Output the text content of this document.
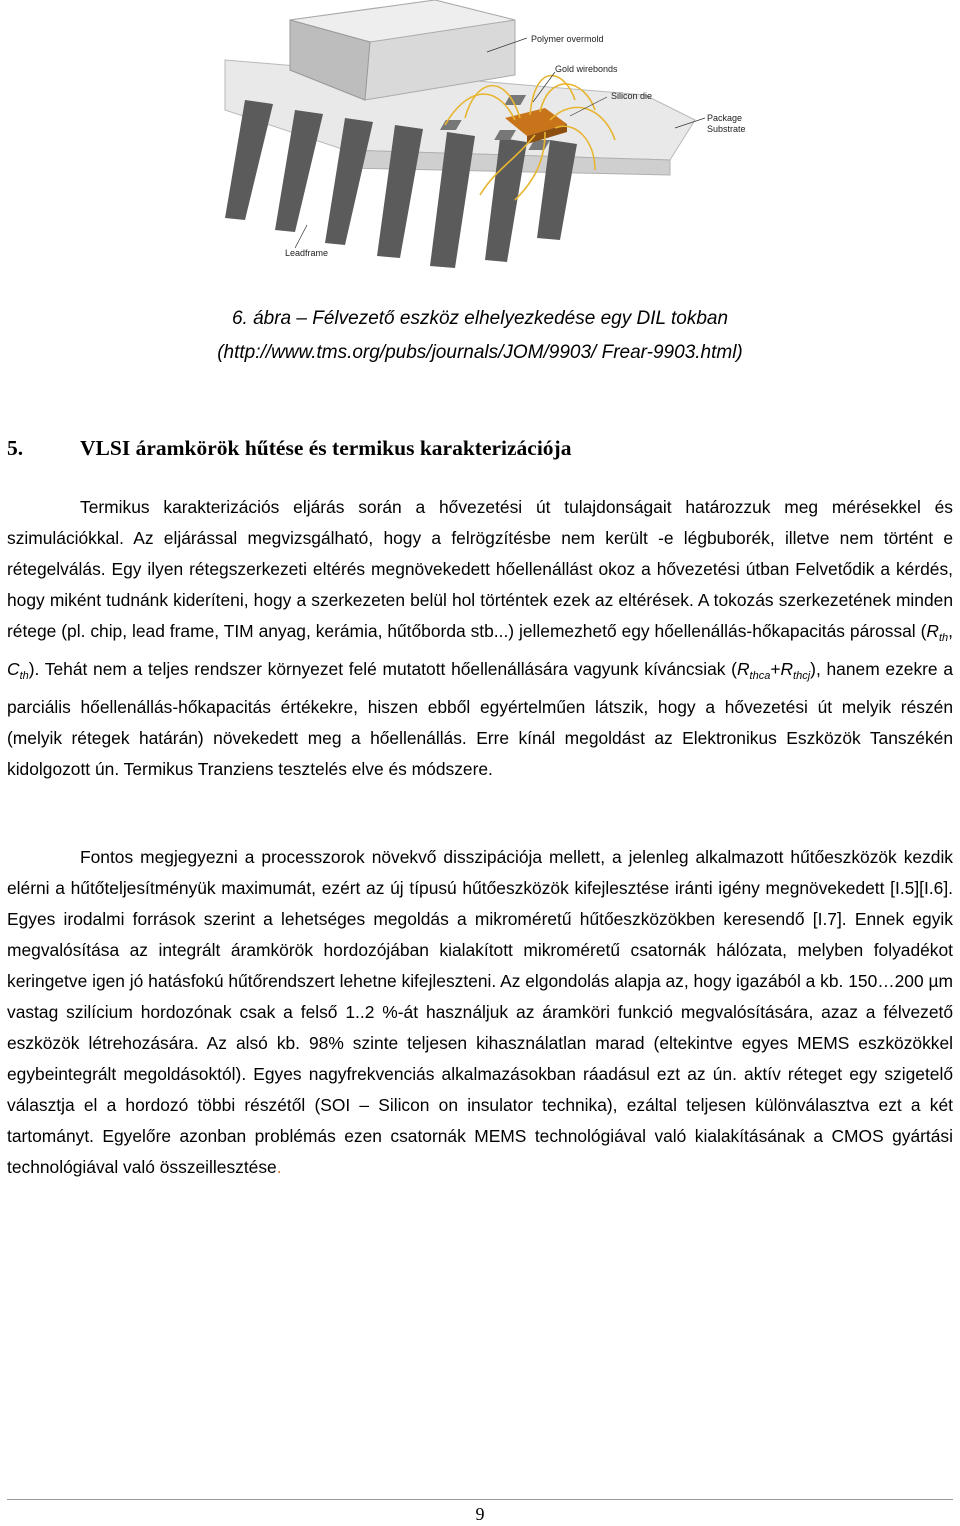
Polymer overmold
Gold wirebonds
Silicon die
Package
Substrate
Leadframe
6. ábra – Félvezető eszköz elhelyezkedése egy DIL tokban
(http://www.tms.org/pubs/journals/JOM/9903/ Frear-9903.html)
5.	VLSI áramkörök hűtése és termikus karakterizációja

Termikus karakterizációs eljárás során a hővezetési út tulajdonságait határozzuk meg mérésekkel és szimulációkkal. Az eljárással megvizsgálható, hogy a felrögzítésbe nem került -e légbuborék, illetve nem történt e rétegelválás. Egy ilyen rétegszerkezeti eltérés megnövekedett hőellenállást okoz a hővezetési útban Felvetődik a kérdés, hogy miként tudnánk kideríteni, hogy a szerkezeten belül hol történtek ezek az eltérések. A tokozás szerkezetének minden rétege (pl. chip, lead frame, TIM anyag, kerámia, hűtőborda stb...) jellemezhető egy hőellenállás-hőkapacitás párossal ($R_{th}$, $C_{th}$). Tehát nem a teljes rendszer környezet felé mutatott hőellenállására vagyunk kíváncsiak $(R_{thca}+R_{thcj})$, hanem ezekre a parciális hőellenállás-hőkapacitás értékekre, hiszen ebből egyértelműen látszik, hogy a hővezetési út melyik részén (melyik rétegek határán) növekedett meg a hőellenállás. Erre kínál megoldást az Elektronikus Eszközök Tanszékén kidolgozott ún. Termikus Tranziens tesztelés elve és módszere.

Fontos megjegyezni a processzorok növekvő disszipációja mellett, a jelenleg alkalmazott hűtőeszközök kezdik elérni a hűtőteljesítményük maximumát, ezért az új típusú hűtőeszközök kifejlesztése iránti igény megnövekedett [I.5][I.6]. Egyes irodalmi források szerint a lehetséges megoldás a mikroméretű hűtőeszközökben keresendő [I.7]. Ennek egyik megvalósítása az integrált áramkörök hordozójában kialakított mikroméretű csatornák hálózata, melyben folyadékot keringetve igen jó hatásfokú hűtőrendszert lehetne kifejleszteni. Az elgondolás alapja az, hogy igazából a kb. 150…200 µm vastag szilícium hordozónak csak a felső 1..2 %-át használjuk az áramköri funkció megvalósítására, azaz a félvezető eszközök létrehozására. Az alsó kb. 98% szinte teljesen kihasználatlan marad (eltekintve egyes MEMS eszközökkel egybeintegrált megoldásoktól). Egyes nagyfrekvenciás alkalmazásokban ráadásul ezt az ún. aktív réteget egy szigetelő választja el a hordozó többi részétől (SOI – Silicon on insulator technika), ezáltal teljesen különválasztva ezt a két tartományt. Egyelőre azonban problémás ezen csatornák MEMS technológiával való kialakításának a CMOS gyártási technológiával való összeillesztése.

9
